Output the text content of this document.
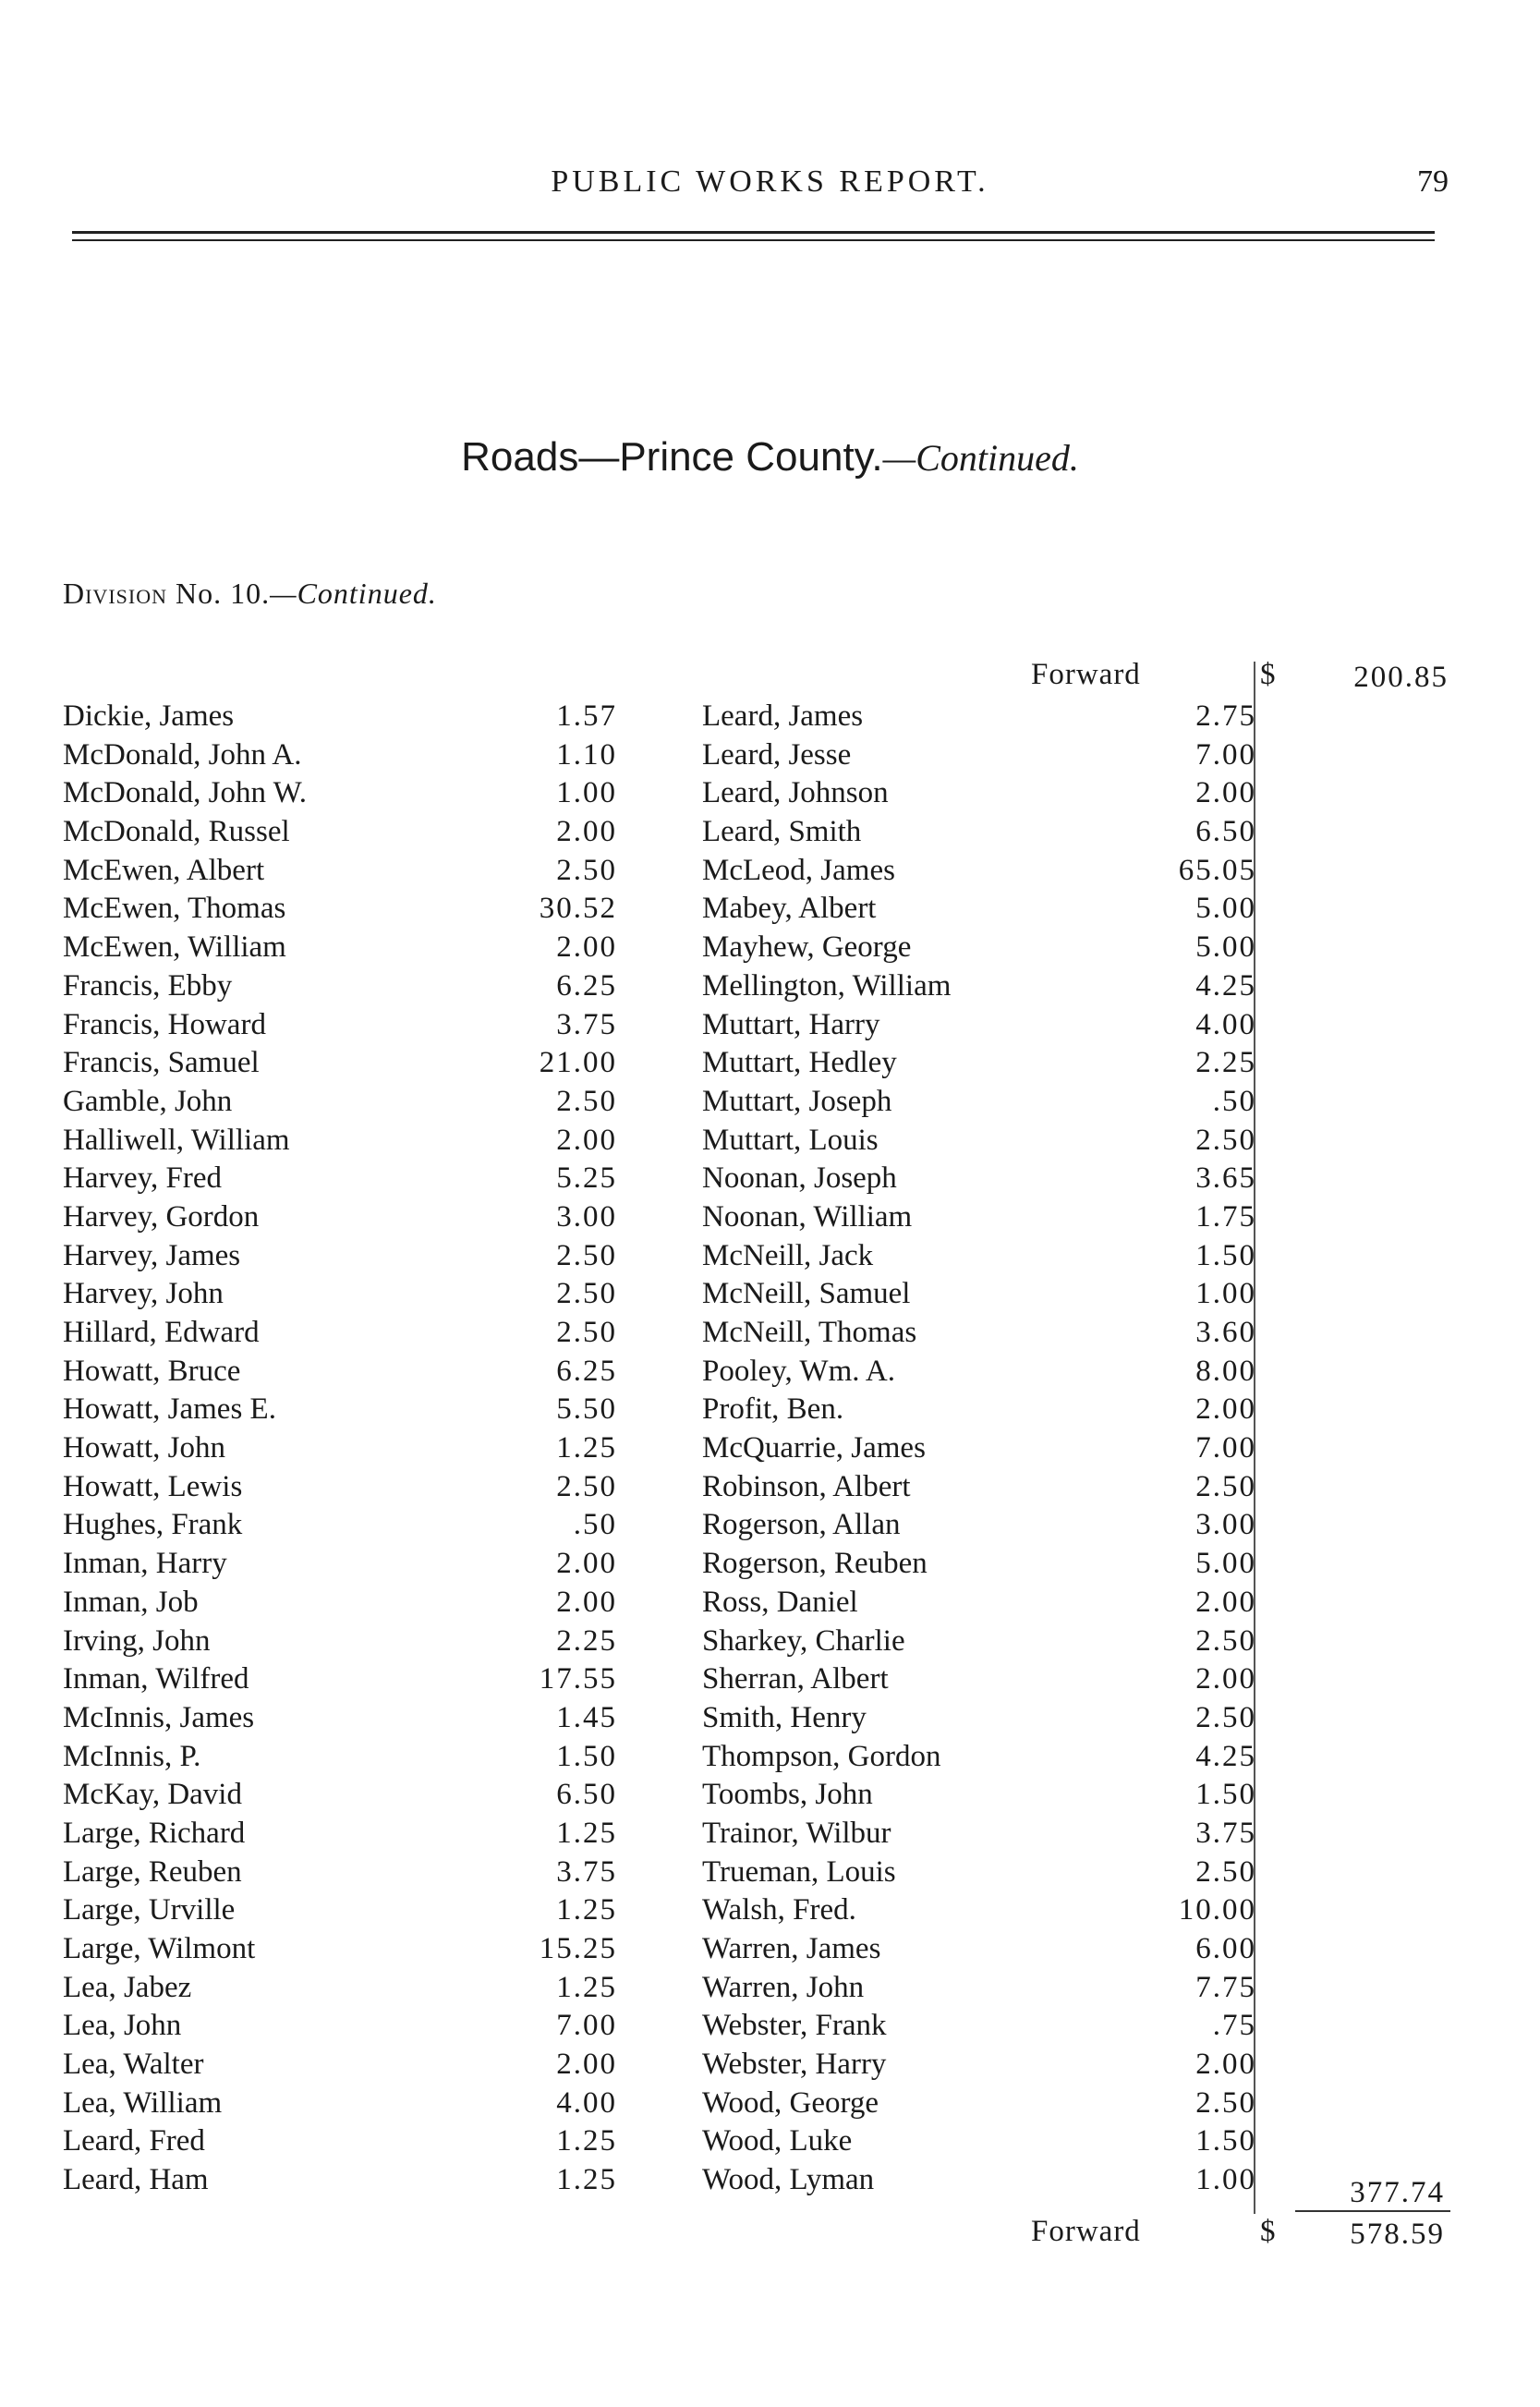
PUBLIC WORKS REPORT.	79
Roads—Prince County.—Continued.
Division No. 10.—Continued.
Forward	$	200.85
Dickie, James	1.57
McDonald, John A.	1.10
McDonald, John W.	1.00
McDonald, Russel	2.00
McEwen, Albert	2.50
McEwen, Thomas	30.52
McEwen, William	2.00
Francis, Ebby	6.25
Francis, Howard	3.75
Francis, Samuel	21.00
Gamble, John	2.50
Halliwell, William	2.00
Harvey, Fred	5.25
Harvey, Gordon	3.00
Harvey, James	2.50
Harvey, John	2.50
Hillard, Edward	2.50
Howatt, Bruce	6.25
Howatt, James E.	5.50
Howatt, John	1.25
Howatt, Lewis	2.50
Hughes, Frank	.50
Inman, Harry	2.00
Inman, Job	2.00
Irving, John	2.25
Inman, Wilfred	17.55
McInnis, James	1.45
McInnis, P.	1.50
McKay, David	6.50
Large, Richard	1.25
Large, Reuben	3.75
Large, Urville	1.25
Large, Wilmont	15.25
Lea, Jabez	1.25
Lea, John	7.00
Lea, Walter	2.00
Lea, William	4.00
Leard, Fred	1.25
Leard, Ham	1.25
Leard, James	2.75
Leard, Jesse	7.00
Leard, Johnson	2.00
Leard, Smith	6.50
McLeod, James	65.05
Mabey, Albert	5.00
Mayhew, George	5.00
Mellington, William	4.25
Muttart, Harry	4.00
Muttart, Hedley	2.25
Muttart, Joseph	.50
Muttart, Louis	2.50
Noonan, Joseph	3.65
Noonan, William	1.75
McNeill, Jack	1.50
McNeill, Samuel	1.00
McNeill, Thomas	3.60
Pooley, Wm. A.	8.00
Profit, Ben.	2.00
McQuarrie, James	7.00
Robinson, Albert	2.50
Rogerson, Allan	3.00
Rogerson, Reuben	5.00
Ross, Daniel	2.00
Sharkey, Charlie	2.50
Sherran, Albert	2.00
Smith, Henry	2.50
Thompson, Gordon	4.25
Toombs, John	1.50
Trainor, Wilbur	3.75
Trueman, Louis	2.50
Walsh, Fred.	10.00
Warren, James	6.00
Warren, John	7.75
Webster, Frank	.75
Webster, Harry	2.00
Wood, George	2.50
Wood, Luke	1.50
Wood, Lyman	1.00	377.74
Forward	$	578.59
